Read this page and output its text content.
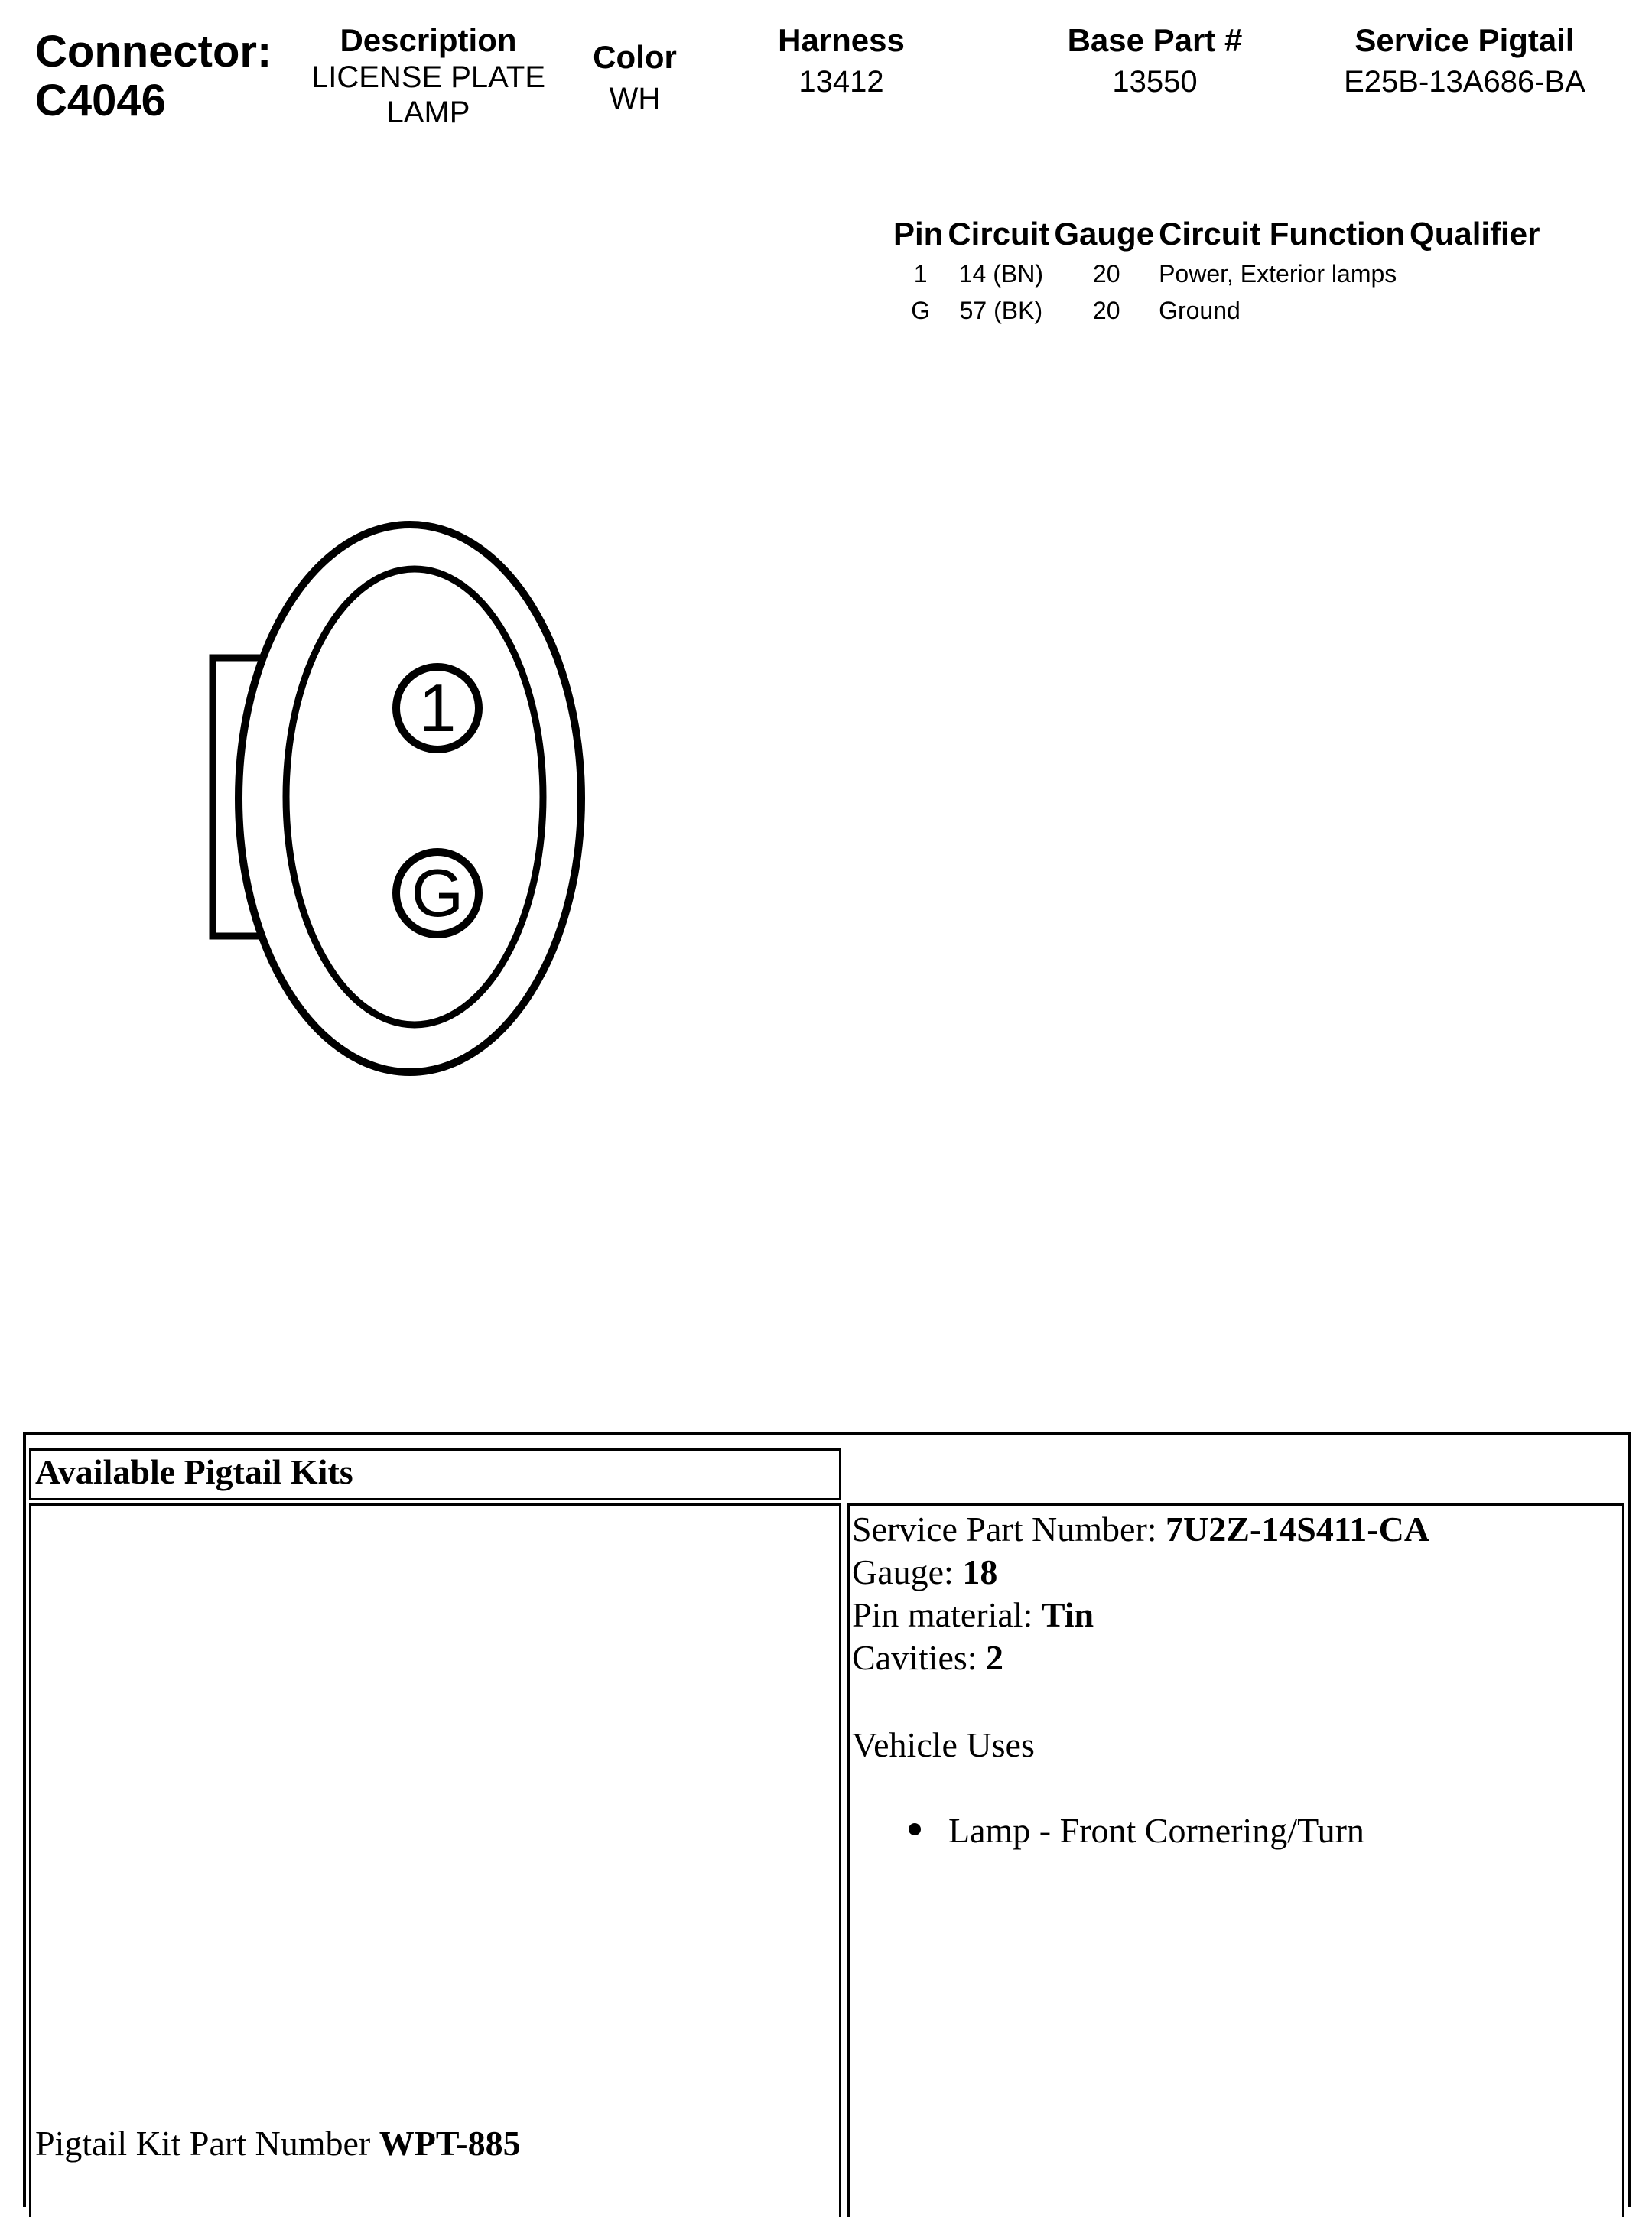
Connector:
C4046
Description
LICENSE PLATE
LAMP
Color
WH
Harness
13412
Base Part #
13550
Service Pigtail
E25B-13A686-BA
Pin	Circuit	Gauge	Circuit Function	Qualifier
1	14 (BN)	20	Power, Exterior lamps	
G	57 (BK)	20	Ground	
1
G
Available Pigtail Kits
Pigtail Kit Part Number WPT-885
Service Part Number: 7U2Z-14S411-CA
Gauge: 18
Pin material: Tin
Cavities: 2
Vehicle Uses
Lamp - Front Cornering/Turn
